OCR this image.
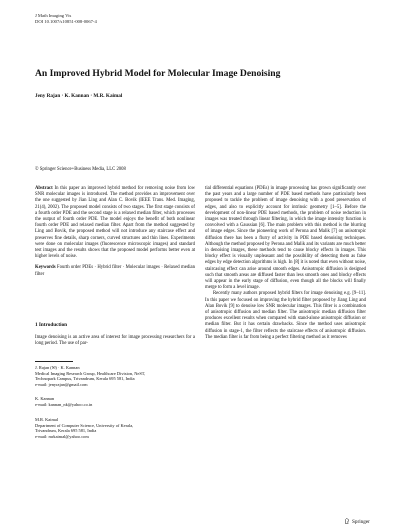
J Math Imaging Vis
DOI 10.1007/s10851-008-0067-4
An Improved Hybrid Model for Molecular Image Denoising
Jeny Rajan · K. Kannan · M.R. Kaimal
© Springer Science+Business Media, LLC 2008

Abstract In this paper an improved hybrid method for removing noise from low SNR molecular images is introduced. The method provides an improvement over the one suggested by Jian Ling and Alan C. Bovik (IEEE Trans. Med. Imaging, 21(4), 2002). The proposed model consists of two stages. The first stage consists of a fourth order PDE and the second stage is a relaxed median filter, which processes the output of fourth order PDE. The model enjoys the benefit of both nonlinear fourth order PDE and relaxed median filter. Apart from the method suggested by Ling and Bovik, the proposed method will not introduce any staircase effect and preserves fine details, sharp corners, curved structures and thin lines. Experiments were done on molecular images (fluorescence microscopic images) and standard test images and the results shows that the proposed model performs better even at higher levels of noise.

Keywords Fourth order PDEs · Hybrid filter · Molecular images · Relaxed median filter

1 Introduction
Image denoising is an active area of interest for image processing researchers for a long period. The use of par-

J. Rajan (✉) · K. Kannan

Medical Imaging Research Group, Healthcare Division, NeST,

Technopark Campus, Trivandrum, Kerala 695 581, India

e-mail: jenyrajan@gmail.com

K. Kannan

e-mail: kannan_nk@yahoo.co.in

M.R. Kaimal

Department of Computer Science, University of Kerala,

Trivandrum, Kerala 695 581, India

e-mail: mrkaimal@yahoo.com

tial differential equations (PDEs) in image processing has grown significantly over the past years and a large number of PDE based methods have particularly been proposed to tackle the problem of image denoising with a good preservation of edges, and also to explicitly account for intrinsic geometry [1–5]. Before the development of non-linear PDE based methods, the problem of noise reduction in images was treated through linear filtering, in which the image intensity function is convolved with a Gaussian [6]. The main problem with this method is the blurring of image edges. Since the pioneering work of Perona and Malik [7] on anisotropic diffusion there has been a flurry of activity in PDE based denoising techniques. Although the method proposed by Perona and Malik and its variants are much better in denoising images, these methods tend to cause blocky effects in images. This blocky effect is visually unpleasant and the possibility of detecting them as false edges by edge detection algorithms is high. In [8] it is noted that even without noise, staircasing effect can arise around smooth edges. Anisotropic diffusion is designed such that smooth areas are diffused faster than less smooth ones and blocky effects will appear in the early stage of diffusion, even though all the blocks will finally merge to form a level image.

Recently many authors proposed hybrid filters for image denoising e.g. [9–11]. In this paper we focused on improving the hybrid filter proposed by Jiang Ling and Alan Bovik [9] to denoise low SNR molecular images. This filter is a combination of anisotropic diffusion and median filter. The anisotropic median diffusion filter produces excellent results when compared with stand-alone anisotropic diffusion or median filter. But it has certain drawbacks. Since the method uses anisotropic diffusion in stage-1, the filter reflects the staircase effects of anisotropic diffusion. The median filter is far from being a perfect filtering method as it removes

Springer
